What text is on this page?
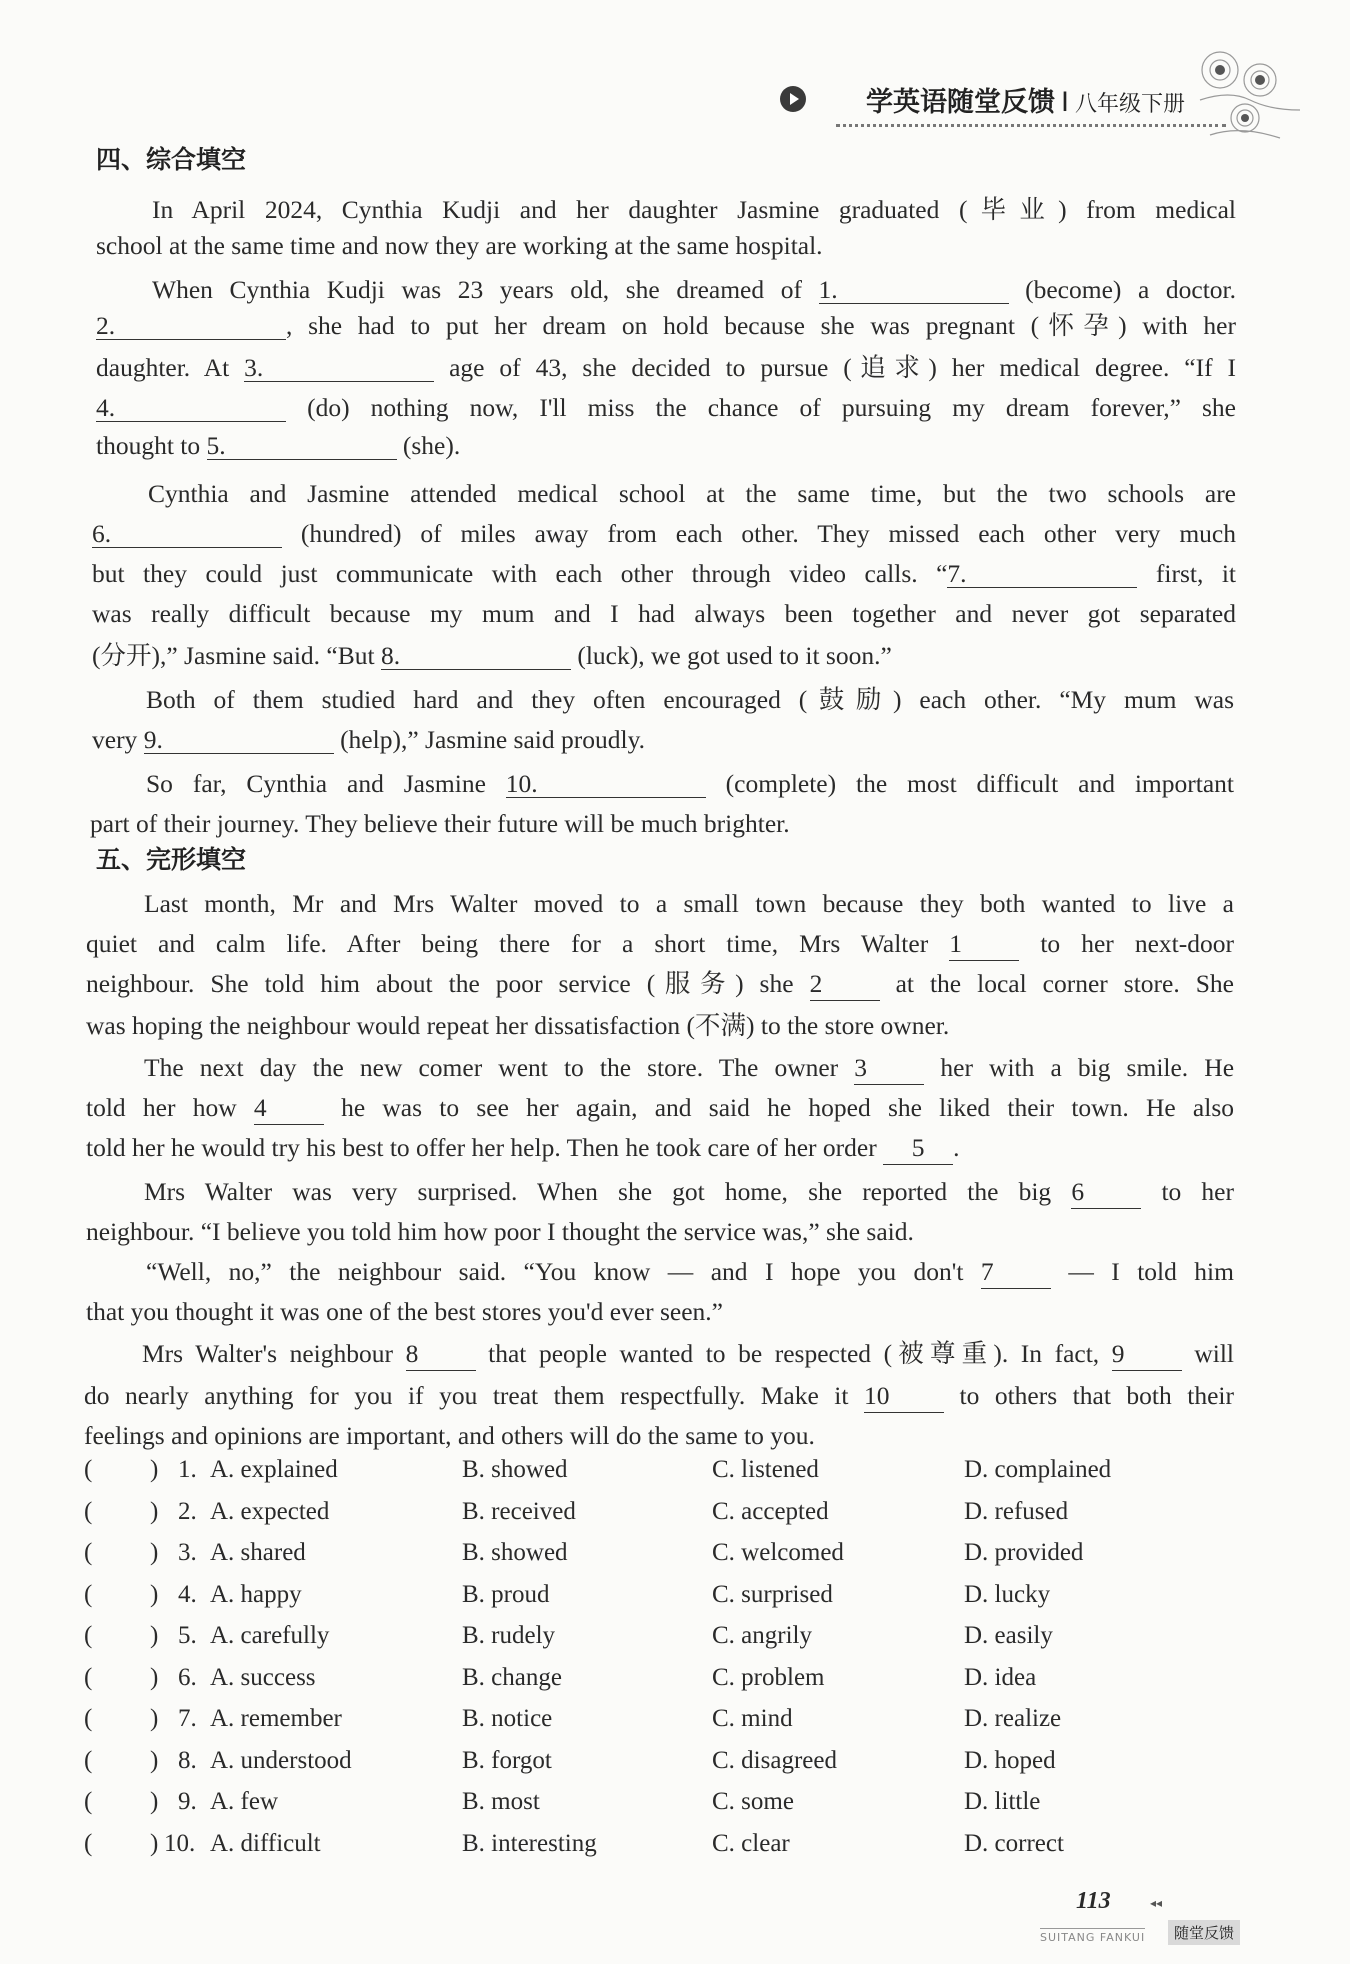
学英语随堂反馈 I 八年级下册
四、综合填空
In April 2024, Cynthia Kudji and her daughter Jasmine graduated (毕业) from medical
school at the same time and now they are working at the same hospital.
When Cynthia Kudji was 23 years old, she dreamed of 1.	(become) a doctor.
2.	, she had to put her dream on hold because she was pregnant (怀孕) with her
daughter. At 3.	age of 43, she decided to pursue (追求) her medical degree. “If I
4.	(do) nothing now, I'll miss the chance of pursuing my dream forever,” she
thought to 5.	(she).
Cynthia and Jasmine attended medical school at the same time, but the two schools are
6.	(hundred) of miles away from each other. They missed each other very much
but they could just communicate with each other through video calls. “7.	first, it
was really difficult because my mum and I had always been together and never got separated
(分开),” Jasmine said. “But 8.	(luck), we got used to it soon.”
Both of them studied hard and they often encouraged (鼓励) each other. “My mum was
very 9.	(help),” Jasmine said proudly.
So far, Cynthia and Jasmine 10.	(complete) the most difficult and important
part of their journey. They believe their future will be much brighter.
五、完形填空
Last month, Mr and Mrs Walter moved to a small town because they both wanted to live a
quiet and calm life. After being there for a short time, Mrs Walter 1 to her next-door
neighbour. She told him about the poor service (服务) she 2 at the local corner store. She
was hoping the neighbour would repeat her dissatisfaction (不满) to the store owner.
The next day the new comer went to the store. The owner 3 her with a big smile. He
told her how 4 he was to see her again, and said he hoped she liked their town. He also
told her he would try his best to offer her help. Then he took care of her order 5 .
Mrs Walter was very surprised. When she got home, she reported the big 6 to her
neighbour. “I believe you told him how poor I thought the service was,” she said.
“Well, no,” the neighbour said. “You know — and I hope you don't 7 — I told him
that you thought it was one of the best stores you'd ever seen.”
Mrs Walter's neighbour 8 that people wanted to be respected (被尊重). In fact, 9 will
do nearly anything for you if you treat them respectfully. Make it 10 to others that both their
feelings and opinions are important, and others will do the same to you.
( ) 1. A. explained	B. showed	C. listened	D. complained
( ) 2. A. expected	B. received	C. accepted	D. refused
( ) 3. A. shared	B. showed	C. welcomed	D. provided
( ) 4. A. happy	B. proud	C. surprised	D. lucky
( ) 5. A. carefully	B. rudely	C. angrily	D. easily
( ) 6. A. success	B. change	C. problem	D. idea
( ) 7. A. remember	B. notice	C. mind	D. realize
( ) 8. A. understood	B. forgot	C. disagreed	D. hoped
( ) 9. A. few	B. most	C. some	D. little
( ) 10. A. difficult	B. interesting	C. clear	D. correct
113	◂◂
SUITANG FANKUI	随堂反馈
